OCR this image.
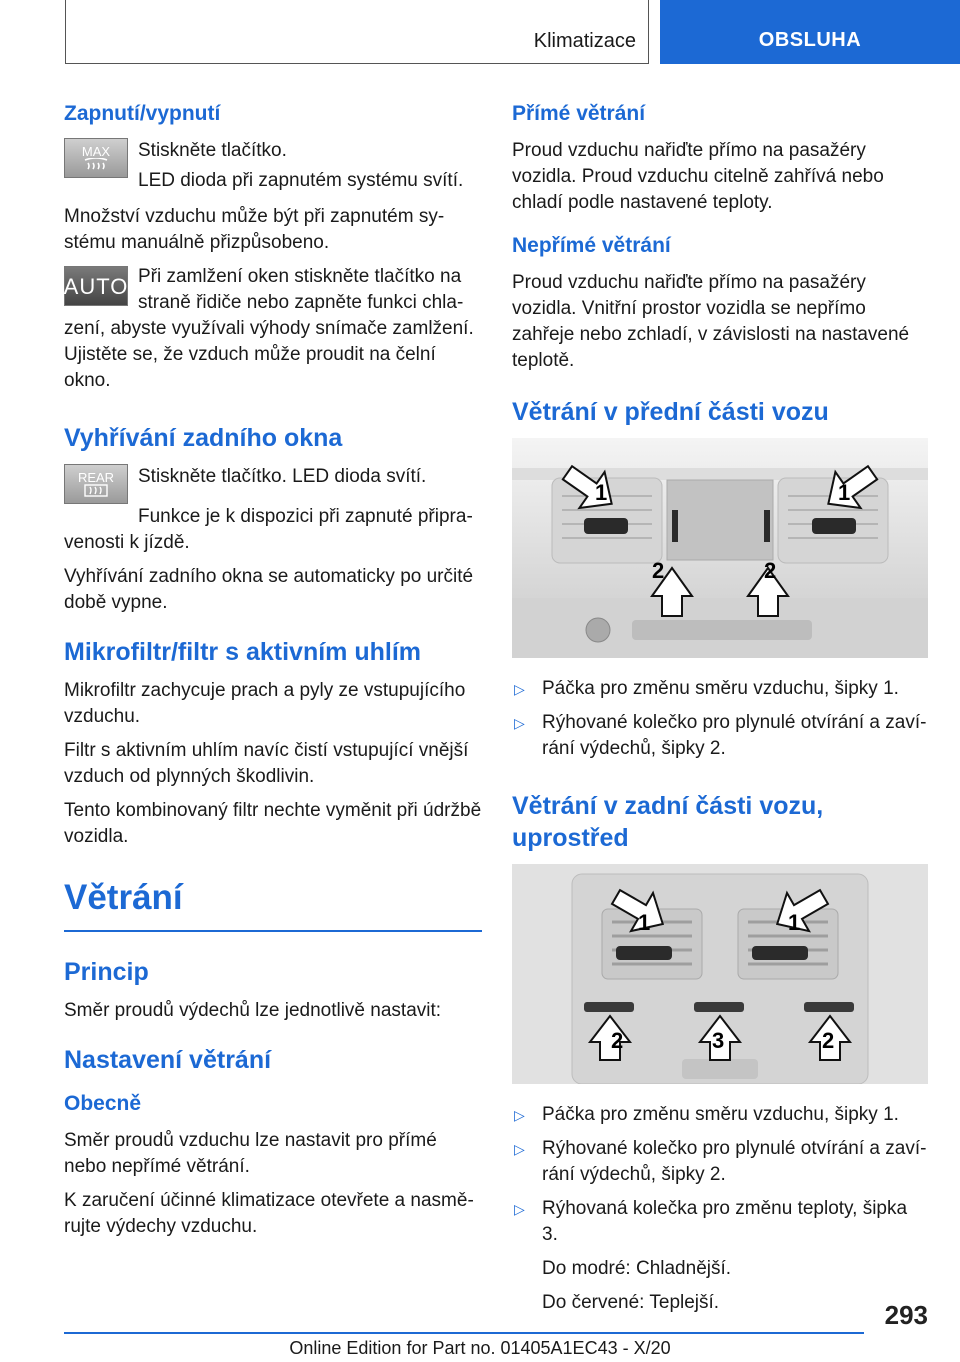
Klimatizace	OBSLUHA
Zapnutí/vypnutí
MAX Stiskněte tlačítko.

LED dioda při zapnutém systému svítí.

Množství vzduchu může být při zapnutém systému manuálně přizpůsobeno.

AUTO Při zamlžení oken stiskněte tlačítko na straně řidiče nebo zapněte funkci chlazení, abyste využívali výhody snímače zamlžení. Ujistěte se, že vzduch může proudit na čelní okno.

Vyhřívání zadního okna
REAR Stiskněte tlačítko. LED dioda svítí.

Funkce je k dispozici při zapnuté připravenosti k jízdě.

Vyhřívání zadního okna se automaticky po určité době vypne.

Mikrofiltr/filtr s aktivním uhlím

Mikrofiltr zachycuje prach a pyly ze vstupujícího vzduchu.

Filtr s aktivním uhlím navíc čistí vstupující vnější vzduch od plynných škodlivin.

Tento kombinovaný filtr nechte vyměnit při údržbě vozidla.

Větrání
Princip

Směr proudů výdechů lze jednotlivě nastavit:

Nastavení větrání
Obecně

Směr proudů vzduchu lze nastavit pro přímé nebo nepřímé větrání.

K zaručení účinné klimatizace otevřete a nasměrujte výdechy vzduchu.

Přímé větrání

Proud vzduchu nařiďte přímo na pasažéry vozidla. Proud vzduchu citelně zahřívá nebo chladí podle nastavené teploty.

Nepřímé větrání

Proud vzduchu nařiďte přímo na pasažéry vozidla. Vnitřní prostor vozidla se nepřímo zahřeje nebo zchladí, v závislosti na nastavené teplotě.

Větrání v přední části vozu
1	1
2	2
▷ Páčka pro změnu směru vzduchu, šipky 1.
▷ Rýhované kolečko pro plynulé otvírání a zavírání výdechů, šipky 2.
Větrání v zadní části vozu, uprostřed
1	1
2	3	2
▷ Páčka pro změnu směru vzduchu, šipky 1.
▷ Rýhované kolečko pro plynulé otvírání a zavírání výdechů, šipky 2.
▷ Rýhovaná kolečka pro změnu teploty, šipka 3.

Do modré: Chladnější.

Do červené: Teplejší.	293
Online Edition for Part no. 01405A1EC43 - X/20
